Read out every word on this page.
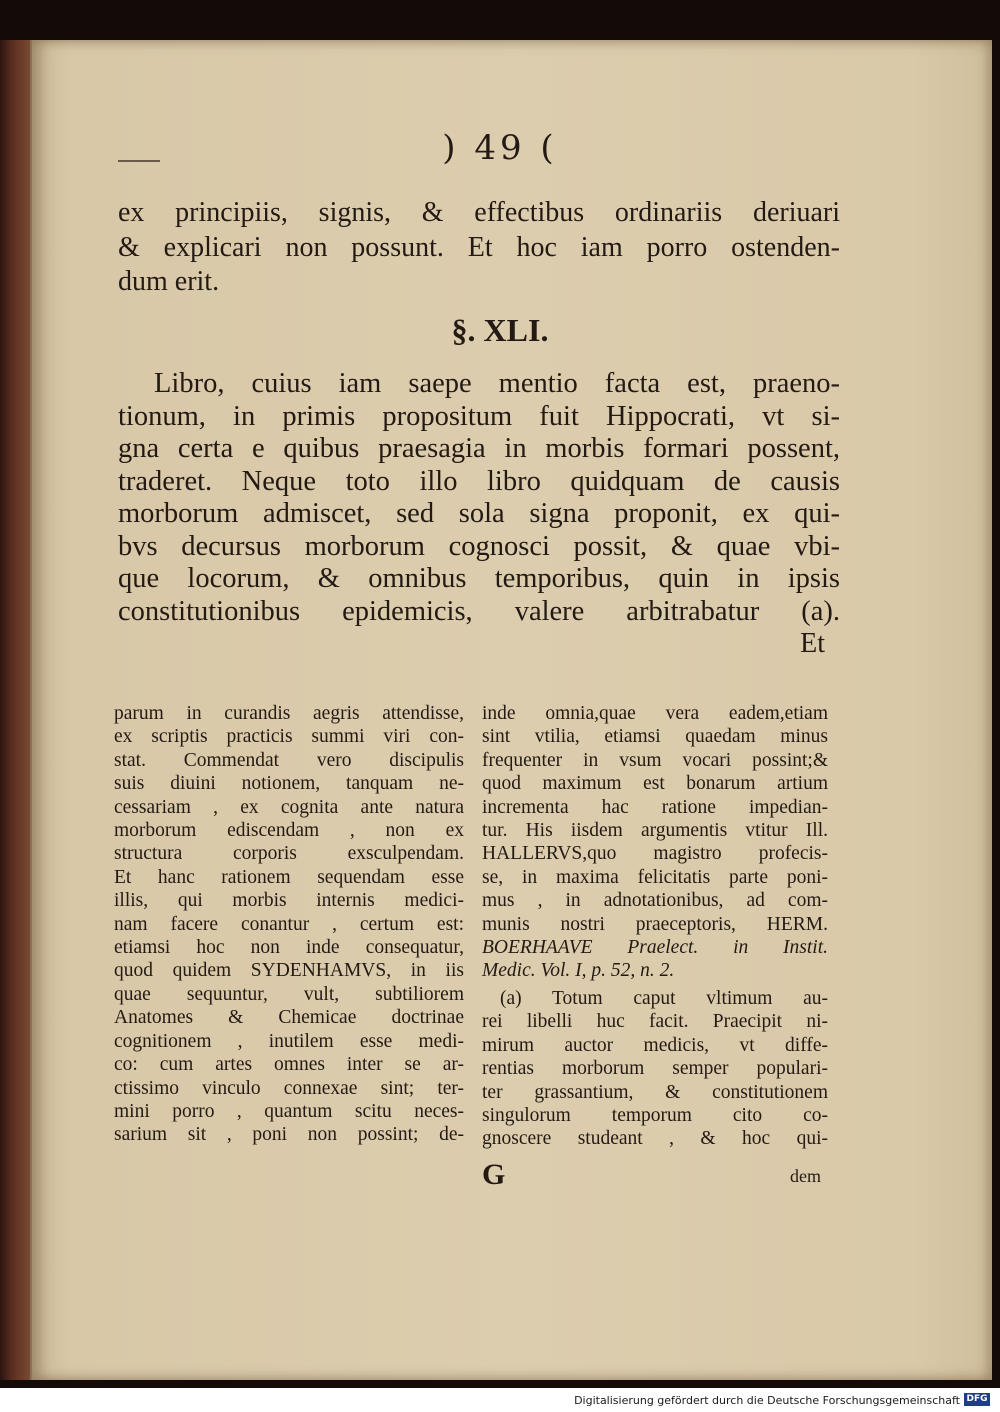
) 49 (
ex principiis, signis, & effectibus ordinariis deriuari
& explicari non possunt. Et hoc iam porro ostenden-
dum erit.
§. XLI.
Libro, cuius iam saepe mentio facta est, praeno-
tionum, in primis propositum fuit Hippocrati, vt si-
gna certa e quibus praesagia in morbis formari possent,
traderet. Neque toto illo libro quidquam de causis
morborum admiscet, sed sola signa proponit, ex qui-
bvs decursus morborum cognosci possit, & quae vbi-
que locorum, & omnibus temporibus, quin in ipsis
constitutionibus epidemicis, valere arbitrabatur (a).
Et
parum in curandis aegris attendisse,
ex scriptis practicis summi viri con-
stat. Commendat vero discipulis
suis diuini notionem, tanquam ne-
cessariam , ex cognita ante natura
morborum ediscendam , non ex
structura corporis exsculpendam.
Et hanc rationem sequendam esse
illis, qui morbis internis medici-
nam facere conantur , certum est:
etiamsi hoc non inde consequatur,
quod quidem SYDENHAMVS, in iis
quae sequuntur, vult, subtiliorem
Anatomes & Chemicae doctrinae
cognitionem , inutilem esse medi-
co: cum artes omnes inter se ar-
ctissimo vinculo connexae sint; ter-
mini porro , quantum scitu neces-
sarium sit , poni non possint; de-
inde omnia,quae vera eadem,etiam
sint vtilia, etiamsi quaedam minus
frequenter in vsum vocari possint;&
quod maximum est bonarum artium
incrementa hac ratione impedian-
tur. His iisdem argumentis vtitur Ill.
HALLERVS,quo magistro profecis-
se, in maxima felicitatis parte poni-
mus , in adnotationibus, ad com-
munis nostri praeceptoris, HERM.
BOERHAAVE Praelect. in Instit.
Medic. Vol. I, p. 52, n. 2.
(a) Totum caput vltimum au-
rei libelli huc facit. Praecipit ni-
mirum auctor medicis, vt diffe-
rentias morborum semper populari-
ter grassantium, & constitutionem
singulorum temporum cito co-
gnoscere studeant , & hoc qui-
G	dem
Digitalisierung gefördert durch die Deutsche Forschungsgemeinschaft DFG
